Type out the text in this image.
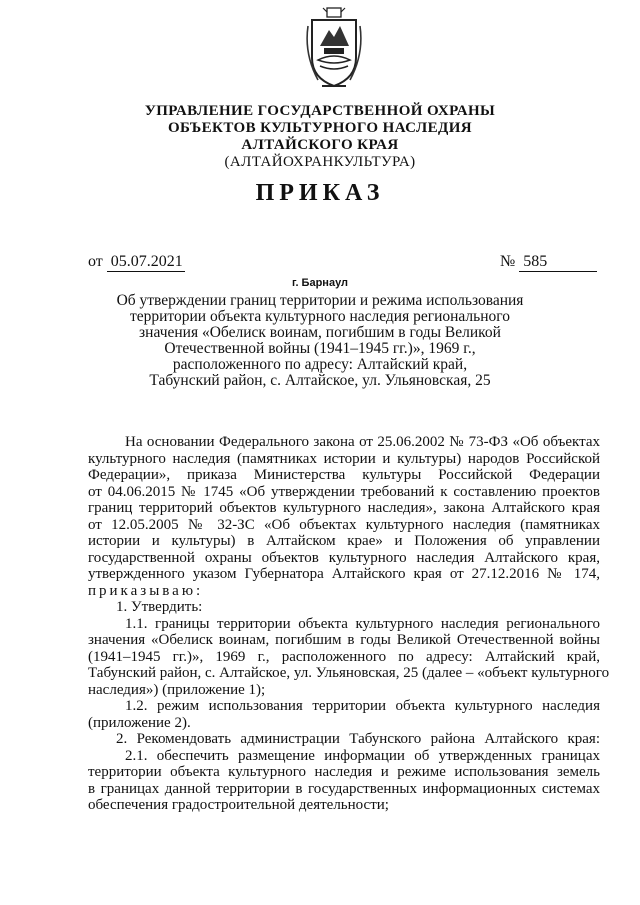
УПРАВЛЕНИЕ ГОСУДАРСТВЕННОЙ ОХРАНЫ
ОБЪЕКТОВ КУЛЬТУРНОГО НАСЛЕДИЯ
АЛТАЙСКОГО КРАЯ
(АЛТАЙОХРАНКУЛЬТУРА)
ПРИКАЗ
от 05.07.2021	№ 585
г. Барнаул
Об утверждении границ территории и режима использования
территории объекта культурного наследия регионального
значения «Обелиск воинам, погибшим в годы Великой
Отечественной войны (1941–1945 гг.)», 1969 г.,
расположенного по адресу: Алтайский край,
Табунский район, с. Алтайское, ул. Ульяновская, 25
На основании Федерального закона от 25.06.2002 № 73-ФЗ «Об объектах
культурного наследия (памятниках истории и культуры) народов Российской
Федерации», приказа Министерства культуры Российской Федерации
от 04.06.2015 № 1745 «Об утверждении требований к составлению проектов
границ территорий объектов культурного наследия», закона Алтайского края
от 12.05.2005 № 32-ЗС «Об объектах культурного наследия (памятниках
истории и культуры) в Алтайском крае» и Положения об управлении
государственной охраны объектов культурного наследия Алтайского края,
утвержденного указом Губернатора Алтайского края от 27.12.2016 № 174,
приказываю:
1. Утвердить:
1.1. границы территории объекта культурного наследия регионального
значения «Обелиск воинам, погибшим в годы Великой Отечественной войны
(1941–1945 гг.)», 1969 г., расположенного по адресу: Алтайский край,
Табунский район, с. Алтайское, ул. Ульяновская, 25 (далее – «объект культурного
наследия») (приложение 1);
1.2. режим использования территории объекта культурного наследия
(приложение 2).
2. Рекомендовать администрации Табунского района Алтайского края:
2.1. обеспечить размещение информации об утвержденных границах
территории объекта культурного наследия и режиме использования земель
в границах данной территории в государственных информационных системах
обеспечения градостроительной деятельности;
